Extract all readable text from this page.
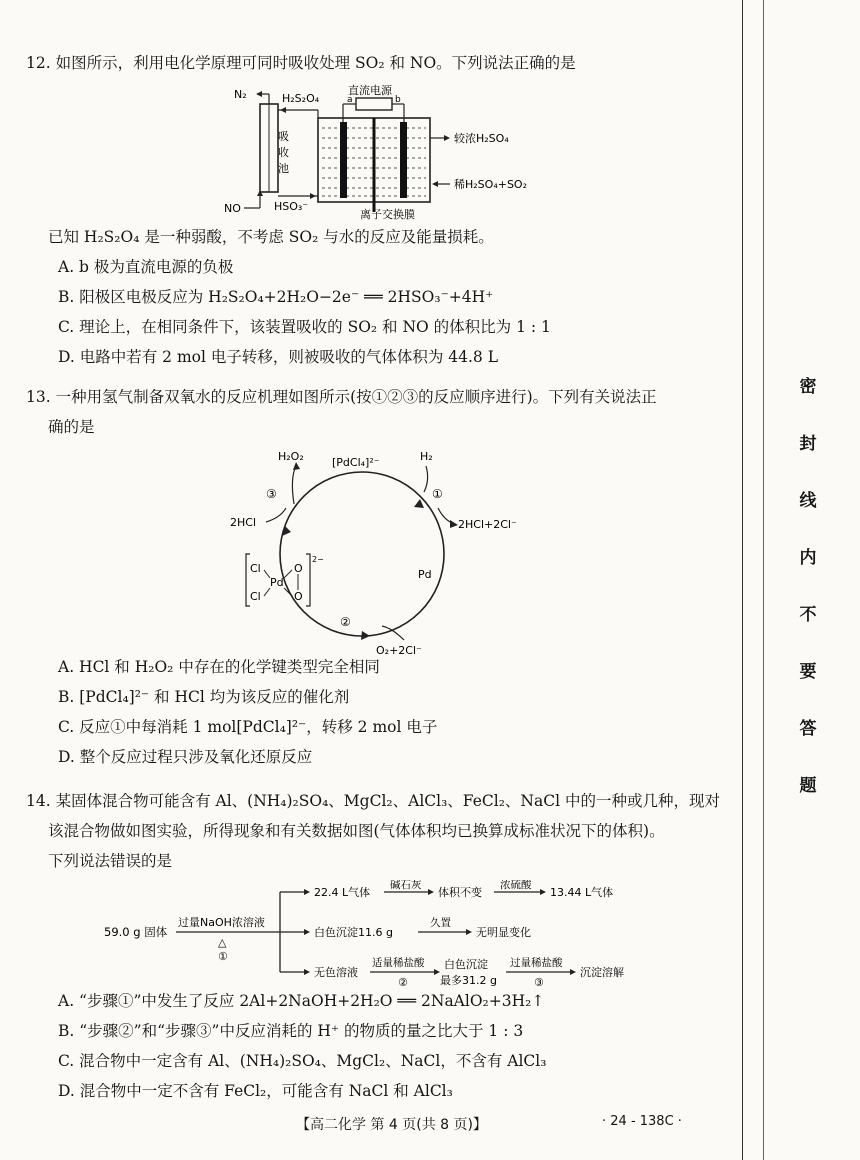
密
封
线
内
不
要
答
题
12. 如图所示，利用电化学原理可同时吸收处理 SO₂ 和 NO。下列说法正确的是
吸
收
池
N₂
NO
H₂S₂O₄
HSO₃⁻
直流电源
a	b
较浓H₂SO₄
稀H₂SO₄+SO₂
离子交换膜
已知 H₂S₂O₄ 是一种弱酸，不考虑 SO₂ 与水的反应及能量损耗。
A. b 极为直流电源的负极
B. 阳极区电极反应为 H₂S₂O₄+2H₂O−2e⁻ ══ 2HSO₃⁻+4H⁺
C. 理论上，在相同条件下，该装置吸收的 SO₂ 和 NO 的体积比为 1 : 1
D. 电路中若有 2 mol 电子转移，则被吸收的气体体积为 44.8 L
13. 一种用氢气制备双氧水的反应机理如图所示(按①②③的反应顺序进行)。下列有关说法正
确的是
[PdCl₄]²⁻
H₂O₂
③
2HCl
H₂
①
2HCl+2Cl⁻
Pd
②
O₂+2Cl⁻
2−
Cl
Cl
Pd
O
O
A. HCl 和 H₂O₂ 中存在的化学键类型完全相同
B. [PdCl₄]²⁻ 和 HCl 均为该反应的催化剂
C. 反应①中每消耗 1 mol[PdCl₄]²⁻，转移 2 mol 电子
D. 整个反应过程只涉及氧化还原反应
14. 某固体混合物可能含有 Al、(NH₄)₂SO₄、MgCl₂、AlCl₃、FeCl₂、NaCl 中的一种或几种，现对
该混合物做如图实验，所得现象和有关数据如图(气体体积均已换算成标准状况下的体积)。
下列说法错误的是
59.0 g 固体
过量NaOH浓溶液
△
①
22.4 L气体
碱石灰
体积不变
浓硫酸
13.44 L气体
白色沉淀11.6 g
久置
无明显变化
无色溶液
适量稀盐酸
②
白色沉淀
最多31.2 g
过量稀盐酸
③
沉淀溶解
A. “步骤①”中发生了反应 2Al+2NaOH+2H₂O ══ 2NaAlO₂+3H₂↑
B. “步骤②”和“步骤③”中反应消耗的 H⁺ 的物质的量之比大于 1 : 3
C. 混合物中一定含有 Al、(NH₄)₂SO₄、MgCl₂、NaCl，不含有 AlCl₃
D. 混合物中一定不含有 FeCl₂，可能含有 NaCl 和 AlCl₃
【高二化学 第 4 页(共 8 页)】	· 24 - 138C ·
